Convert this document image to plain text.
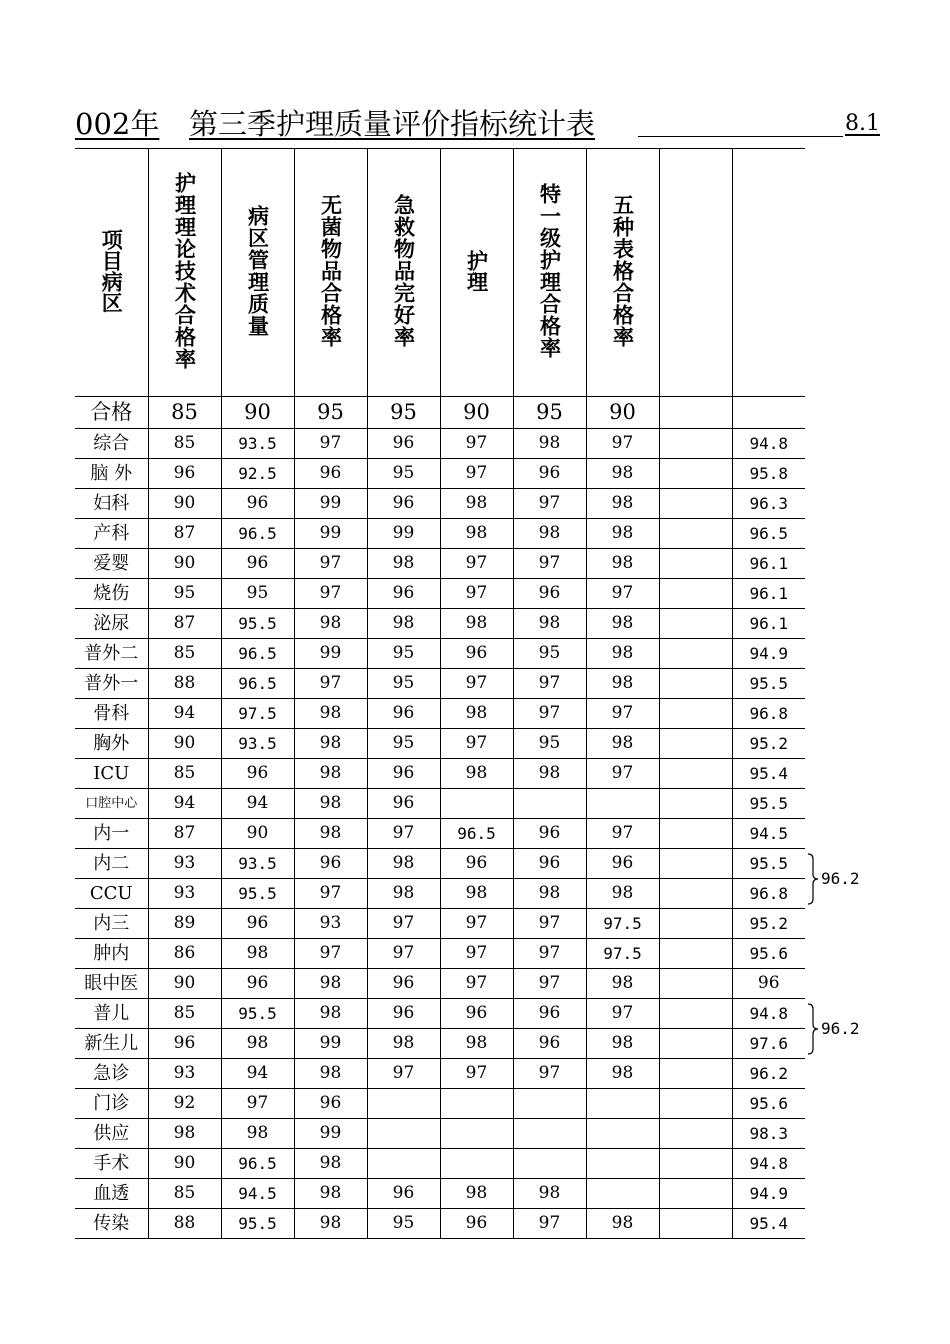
002年 第三季护理质量评价指标统计表	8.1
项目病区	护理理论技术合格率	病区管理质量	无菌物品合格率	急救物品完好率	护理	特一级护理合格率	五种表格合格率		
合格	85	90	95	95	90	95	90		
综合	85	93.5	97	96	97	98	97		94.8
脑 外	96	92.5	96	95	97	96	98		95.8
妇科	90	96	99	96	98	97	98		96.3
产科	87	96.5	99	99	98	98	98		96.5
爱婴	90	96	97	98	97	97	98		96.1
烧伤	95	95	97	96	97	96	97		96.1
泌尿	87	95.5	98	98	98	98	98		96.1
普外二	85	96.5	99	95	96	95	98		94.9
普外一	88	96.5	97	95	97	97	98		95.5
骨科	94	97.5	98	96	98	97	97		96.8
胸外	90	93.5	98	95	97	95	98		95.2
ICU	85	96	98	96	98	98	97		95.4
口腔中心	94	94	98	96					95.5
内一	87	90	98	97	96.5	96	97		94.5
内二	93	93.5	96	98	96	96	96		95.5
CCU	93	95.5	97	98	98	98	98		96.8
内三	89	96	93	97	97	97	97.5		95.2
肿内	86	98	97	97	97	97	97.5		95.6
眼中医	90	96	98	96	97	97	98		96
普儿	85	95.5	98	96	96	96	97		94.8
新生儿	96	98	99	98	98	96	98		97.6
急诊	93	94	98	97	97	97	98		96.2
门诊	92	97	96						95.6
供应	98	98	99						98.3
手术	90	96.5	98						94.8
血透	85	94.5	98	96	98	98			94.9
传染	88	95.5	98	95	96	97	98		95.4
96.2
96.2
